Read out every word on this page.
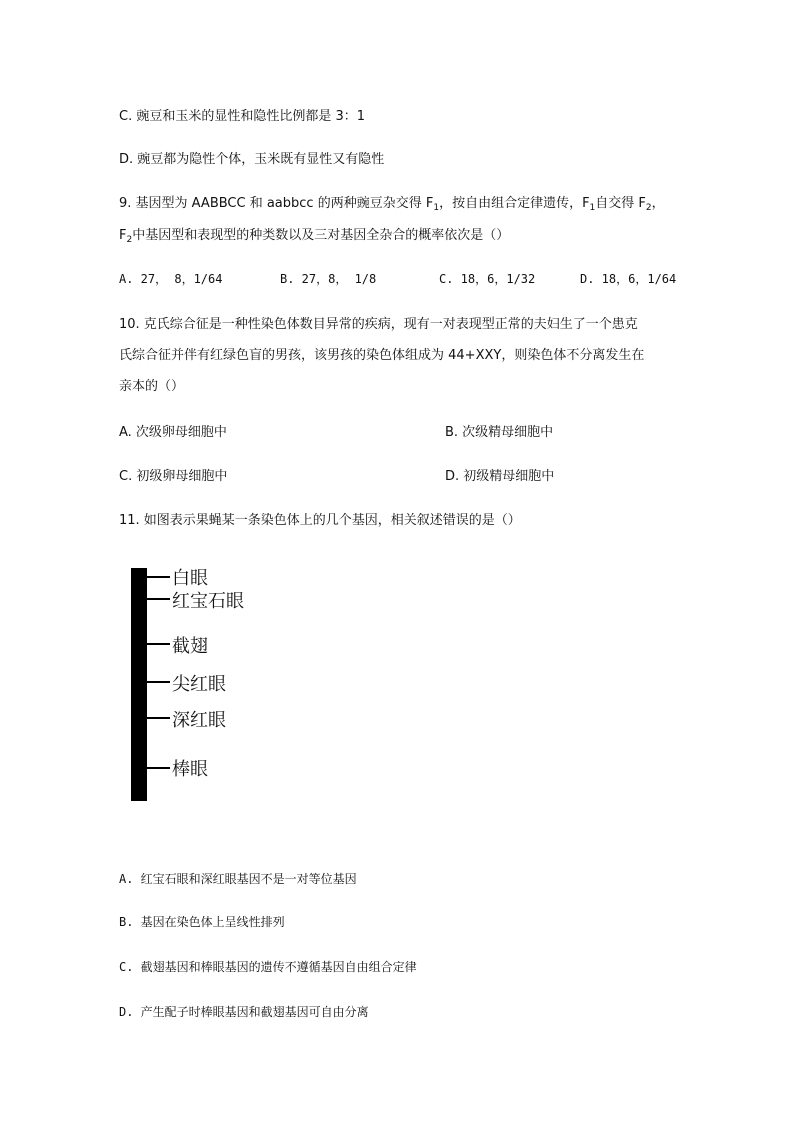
C. 豌豆和玉米的显性和隐性比例都是 3：1
D. 豌豆都为隐性个体，玉米既有显性又有隐性
9. 基因型为 AABBCC 和 aabbcc 的两种豌豆杂交得 $F_1$，按自由组合定律遗传，$F_1$自交得 $F_2$，
$F_2$中基因型和表现型的种类数以及三对基因全杂合的概率依次是（）
A. 27， 8，1/64	B. 27，8， 1/8	C. 18，6，1/32	D. 18，6，1/64
10. 克氏综合征是一种性染色体数目异常的疾病，现有一对表现型正常的夫妇生了一个患克
氏综合征并伴有红绿色盲的男孩，该男孩的染色体组成为 44+XXY，则染色体不分离发生在
亲本的（）
A. 次级卵母细胞中	B. 次级精母细胞中
C. 初级卵母细胞中	D. 初级精母细胞中
11. 如图表示果蝇某一条染色体上的几个基因，相关叙述错误的是（）
白眼
红宝石眼
截翅
尖红眼
深红眼
棒眼
A. 红宝石眼和深红眼基因不是一对等位基因
B. 基因在染色体上呈线性排列
C. 截翅基因和棒眼基因的遗传不遵循基因自由组合定律
D. 产生配子时棒眼基因和截翅基因可自由分离
